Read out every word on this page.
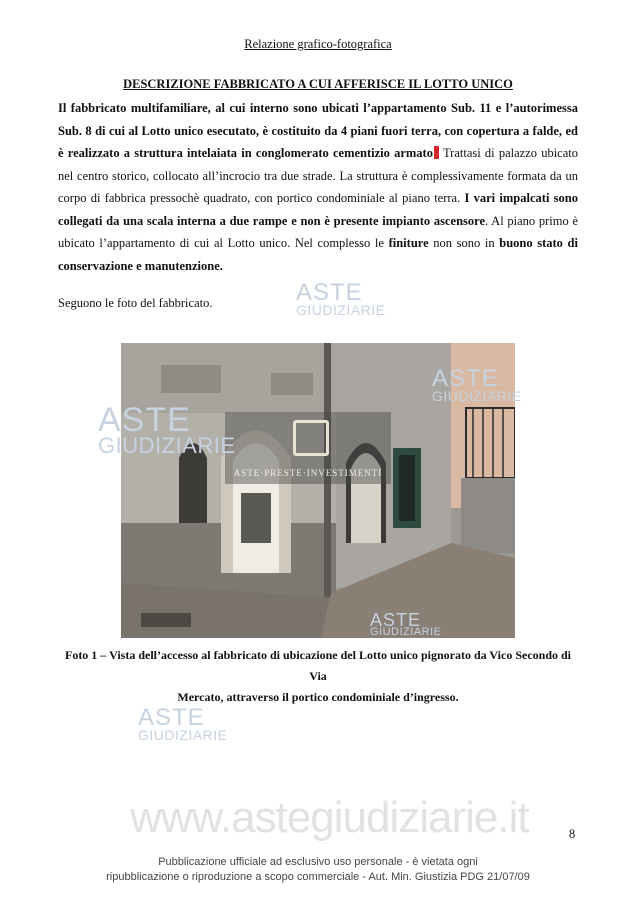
Relazione grafico-fotografica
DESCRIZIONE FABBRICATO A CUI AFFERISCE IL LOTTO UNICO
Il fabbricato multifamiliare, al cui interno sono ubicati l’appartamento Sub. 11 e l’autorimessa Sub. 8 di cui al Lotto unico esecutato, è costituito da 4 piani fuori terra, con copertura a falde, ed è realizzato a struttura intelaiata in conglomerato cementizio armato Trattasi di palazzo ubicato nel centro storico, collocato all’incrocio tra due strade. La struttura è complessivamente formata da un corpo di fabbrica pressochè quadrato, con portico condominiale al piano terra. I vari impalcati sono collegati da una scala interna a due rampe e non è presente impianto ascensore. Al piano primo è ubicato l’appartamento di cui al Lotto unico. Nel complesso le finiture non sono in buono stato di conservazione e manutenzione.
Seguono le foto del fabbricato.	ASTE
GIUDIZIARIE
ASTE·PRESTE·INVESTIMENTI
ASTE
GIUDIZIARIE
ASTE
GIUDIZIARIE
ASTE
GIUDIZIARIE
Foto 1 – Vista dell’accesso al fabbricato di ubicazione del Lotto unico pignorato da Vico Secondo di Via
Mercato, attraverso il portico condominiale d’ingresso.
ASTE
GIUDIZIARIE
www.astegiudiziarie.it	8
Pubblicazione ufficiale ad esclusivo uso personale - è vietata ogni
ripubblicazione o riproduzione a scopo commerciale - Aut. Min. Giustizia PDG 21/07/09
